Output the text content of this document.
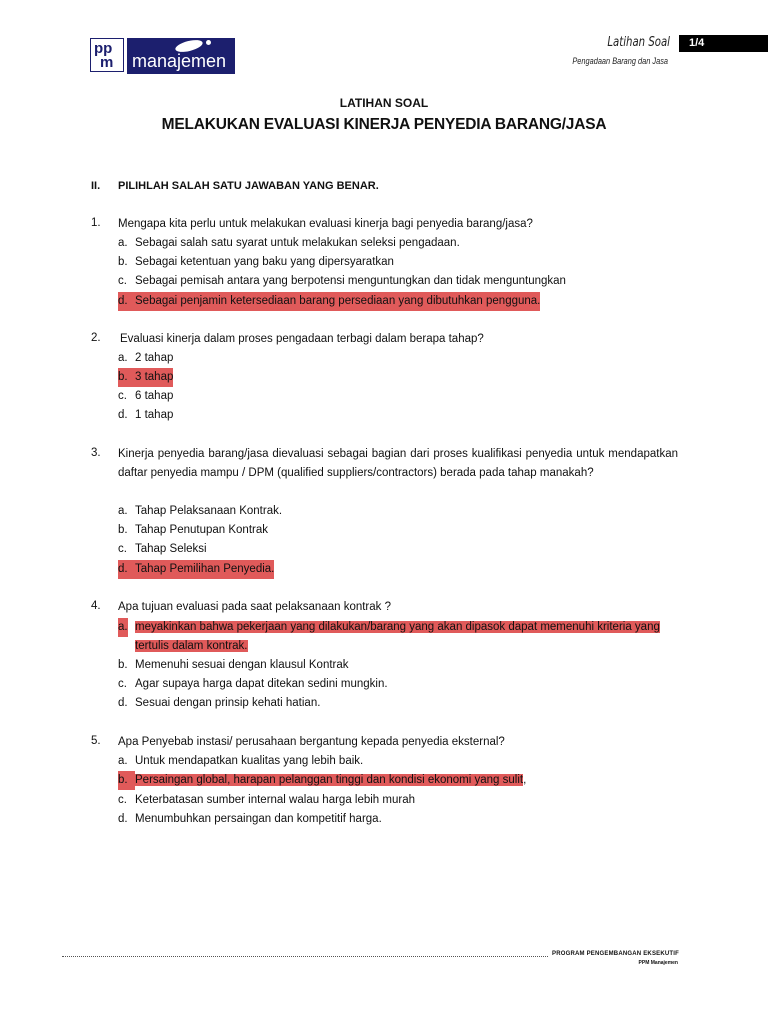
pp
m manajemen
Latihan Soal	1/4
Pengadaan Barang dan Jasa
LATIHAN SOAL
MELAKUKAN EVALUASI KINERJA PENYEDIA BARANG/JASA
II. PILIHLAH SALAH SATU JAWABAN YANG BENAR.
1. Mengapa kita perlu untuk melakukan evaluasi kinerja bagi penyedia barang/jasa?
a. Sebagai salah satu syarat untuk melakukan seleksi pengadaan.
b. Sebagai ketentuan yang baku yang dipersyaratkan
c. Sebagai pemisah antara yang berpotensi menguntungkan dan tidak menguntungkan
d. Sebagai penjamin ketersediaan barang persediaan yang dibutuhkan pengguna.
2. Evaluasi kinerja dalam proses pengadaan terbagi dalam berapa tahap?
a. 2 tahap
b. 3 tahap
c. 6 tahap
d. 1 tahap
3. Kinerja penyedia barang/jasa dievaluasi sebagai bagian dari proses kualifikasi penyedia untuk mendapatkan daftar penyedia mampu / DPM (qualified suppliers/contractors) berada pada tahap manakah?
a. Tahap Pelaksanaan Kontrak.
b. Tahap Penutupan Kontrak
c. Tahap Seleksi
d. Tahap Pemilihan Penyedia.
4. Apa tujuan evaluasi pada saat pelaksanaan kontrak ?
a. meyakinkan bahwa pekerjaan yang dilakukan/barang yang akan dipasok dapat memenuhi kriteria yang tertulis dalam kontrak.
b. Memenuhi sesuai dengan klausul Kontrak
c. Agar supaya harga dapat ditekan sedini mungkin.
d. Sesuai dengan prinsip kehati hatian.
5. Apa Penyebab instasi/ perusahaan bergantung kepada penyedia eksternal?
a. Untuk mendapatkan kualitas yang lebih baik.
b. Persaingan global, harapan pelanggan tinggi dan kondisi ekonomi yang sulit,
c. Keterbatasan sumber internal walau harga lebih murah
d. Menumbuhkan persaingan dan kompetitif harga.
PROGRAM PENGEMBANGAN EKSEKUTIF
PPM Manajemen
